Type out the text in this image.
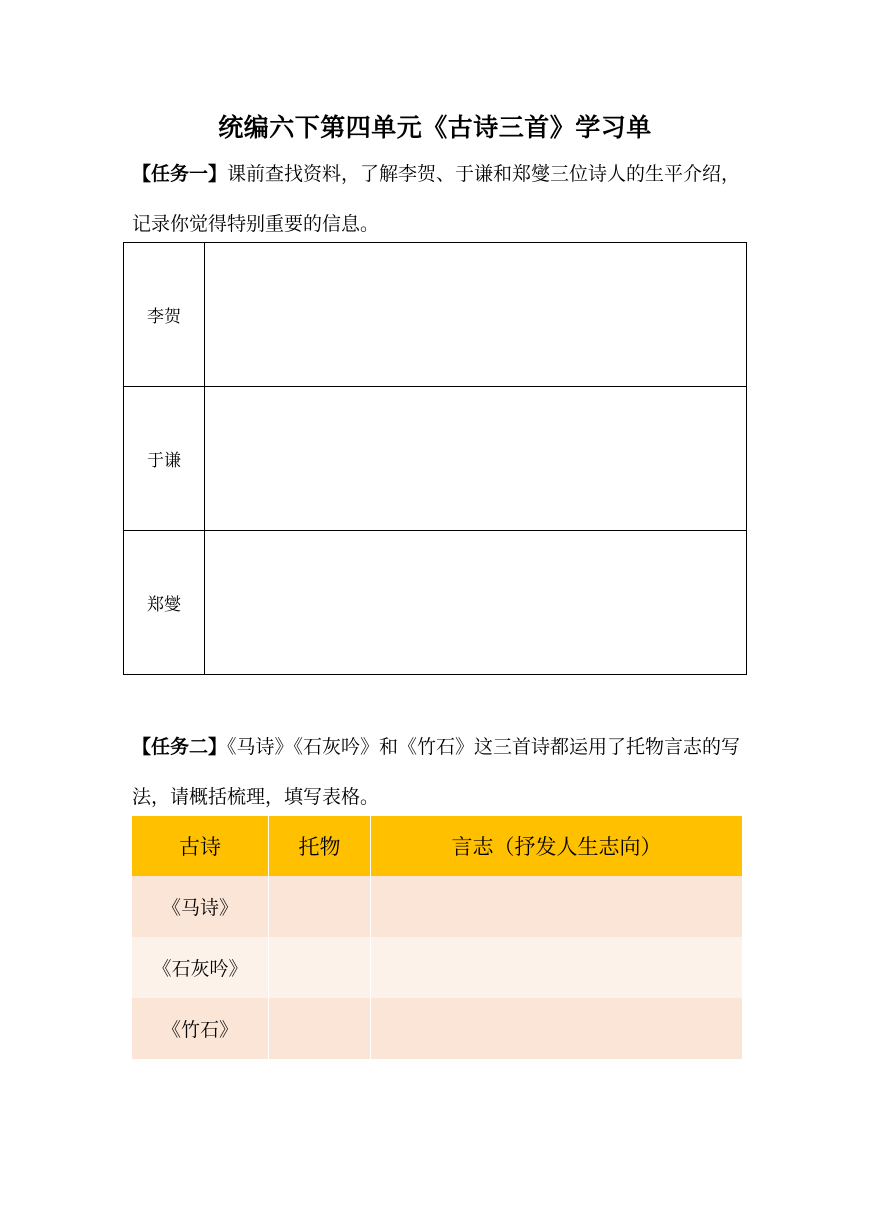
统编六下第四单元《古诗三首》学习单

【任务一】课前查找资料，了解李贺、于谦和郑燮三位诗人的生平介绍，记录你觉得特别重要的信息。

李贺	
于谦	
郑燮	

【任务二】《马诗》《石灰吟》和《竹石》这三首诗都运用了托物言志的写法，请概括梳理，填写表格。

古诗	托物	言志（抒发人生志向）
《马诗》		
《石灰吟》		
《竹石》		
